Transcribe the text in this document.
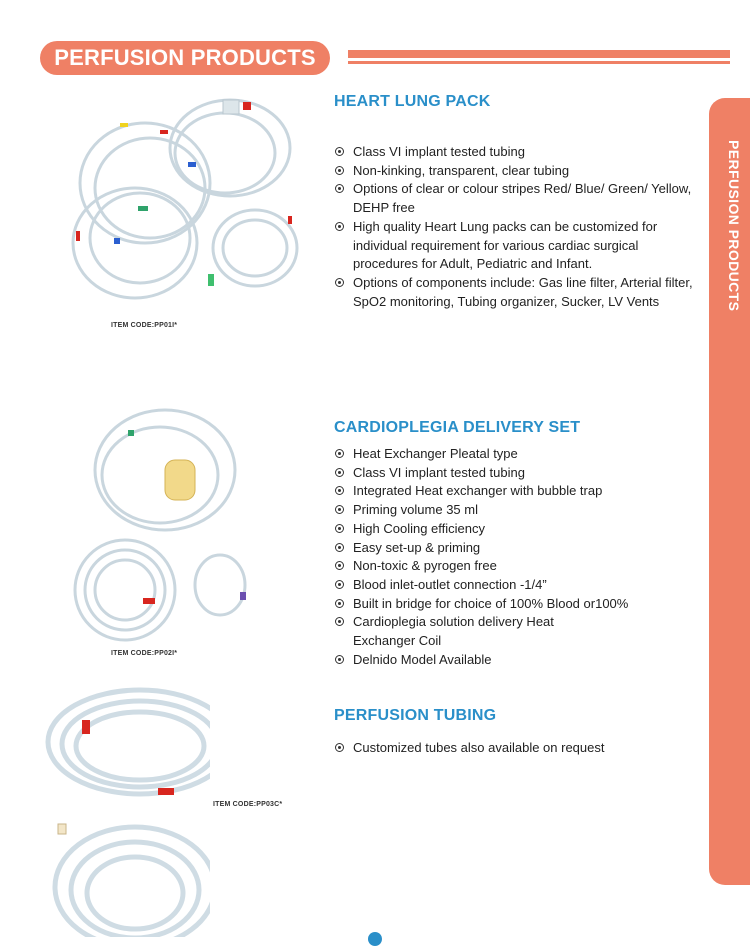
PERFUSION PRODUCTS
PERFUSION PRODUCTS
ITEM CODE:PP01I*
HEART LUNG PACK
Class VI implant tested tubing
Non-kinking, transparent, clear tubing
Options of clear or colour stripes Red/ Blue/ Green/ Yellow, DEHP free
High quality Heart Lung packs can be customized for individual requirement for various cardiac surgical procedures for Adult, Pediatric and Infant.
Options of components include: Gas line filter, Arterial filter, SpO2 monitoring, Tubing organizer, Sucker, LV Vents
ITEM CODE:PP02I*
CARDIOPLEGIA DELIVERY SET
Heat Exchanger Pleatal type
Class VI implant tested tubing
Integrated Heat exchanger with bubble trap
Priming volume 35 ml
High Cooling efficiency
Easy set-up & priming
Non-toxic & pyrogen free
Blood inlet-outlet connection -1/4”
Built in bridge for choice of 100% Blood or100%
Cardioplegia solution delivery Heat Exchanger Coil
Delnido Model Available
ITEM CODE:PP03C*
PERFUSION TUBING
Customized tubes also available on request
